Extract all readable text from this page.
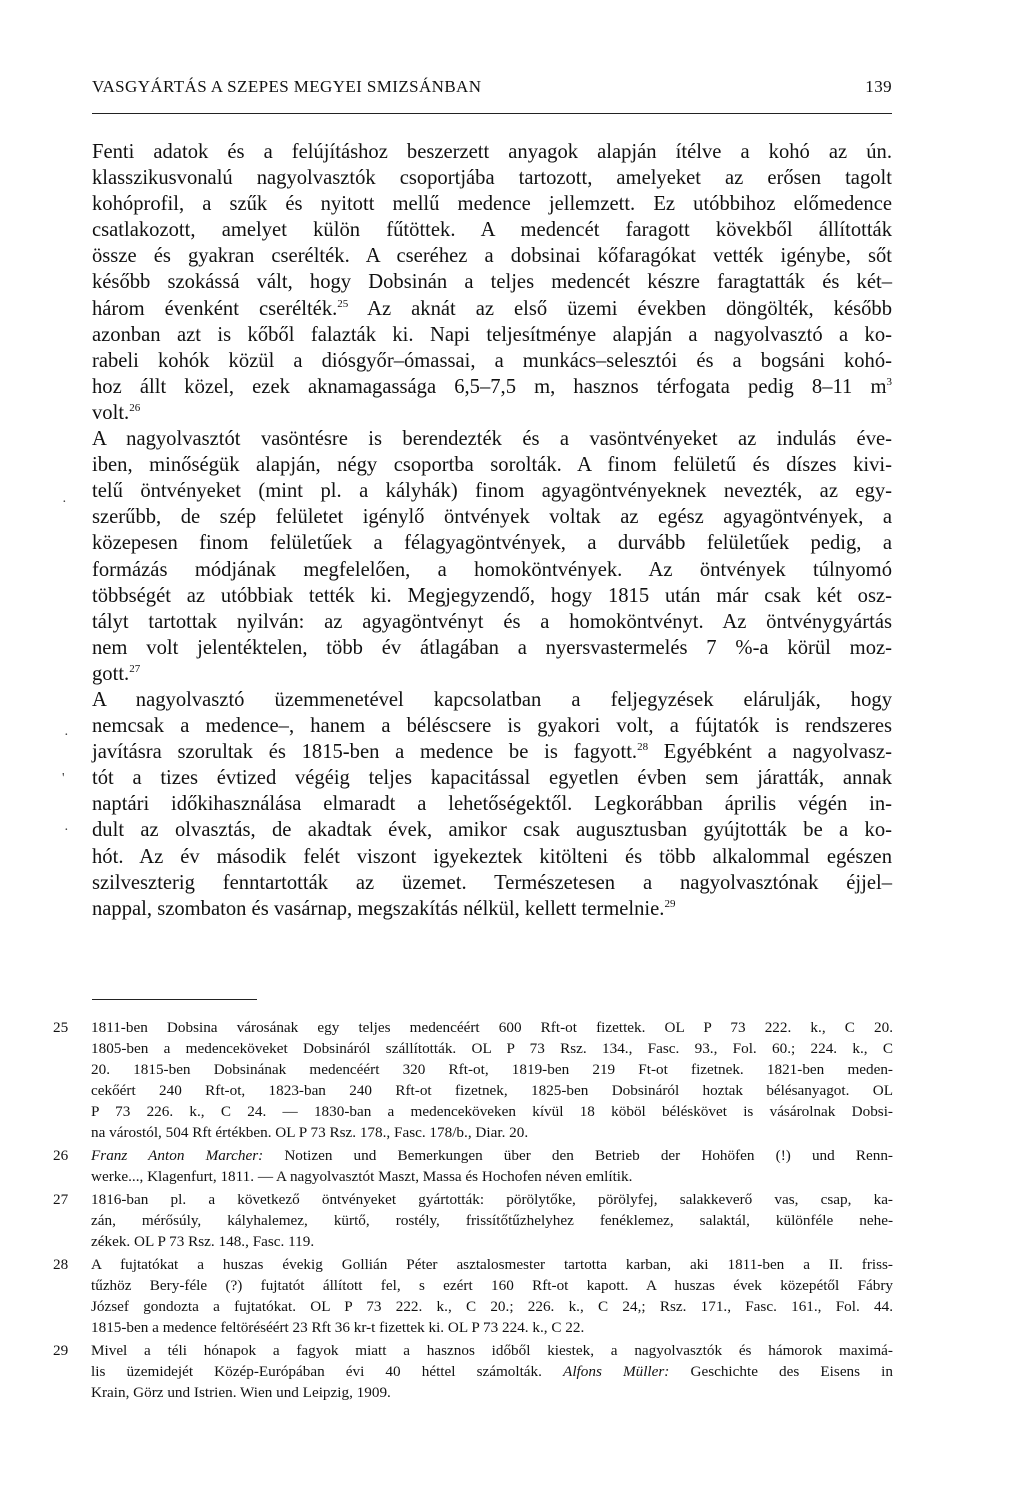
VASGYÁRTÁS A SZEPES MEGYEI SMIZSÁNBAN	139
Fenti adatok és a felújításhoz beszerzett anyagok alapján ítélve a kohó az ún.
klasszikusvonalú nagyolvasztók csoportjába tartozott, amelyeket az erősen tagolt
kohóprofil, a szűk és nyitott mellű medence jellemzett. Ez utóbbihoz előmedence
csatlakozott, amelyet külön fűtöttek. A medencét faragott kövekből állították
össze és gyakran cserélték. A cseréhez a dobsinai kőfaragókat vették igénybe, sőt
később szokássá vált, hogy Dobsinán a teljes medencét készre faragtatták és két–
három évenként cserélték.$^{25}$ Az aknát az első üzemi években döngölték, később
azonban azt is kőből falazták ki. Napi teljesítménye alapján a nagyolvasztó a ko-
rabeli kohók közül a diósgyőr–ómassai, a munkács–selesztói és a bogsáni kohó-
hoz állt közel, ezek aknamagassága 6,5–7,5 m, hasznos térfogata pedig 8–11 $m^3$
volt.$^{26}$
A nagyolvasztót vasöntésre is berendezték és a vasöntvényeket az indulás éve-
iben, minőségük alapján, négy csoportba sorolták. A finom felületű és díszes kivi-
telű öntvényeket (mint pl. a kályhák) finom agyagöntvényeknek nevezték, az egy-
szerűbb, de szép felületet igénylő öntvények voltak az egész agyagöntvények, a
közepesen finom felületűek a félagyagöntvények, a durvább felületűek pedig, a
formázás módjának megfelelően, a homoköntvények. Az öntvények túlnyomó
többségét az utóbbiak tették ki. Megjegyzendő, hogy 1815 után már csak két osz-
tályt tartottak nyilván: az agyagöntvényt és a homoköntvényt. Az öntvénygyártás
nem volt jelentéktelen, több év átlagában a nyersvastermelés 7 %-a körül moz-
gott.$^{27}$
A nagyolvasztó üzemmenetével kapcsolatban a feljegyzések elárulják, hogy
nemcsak a medence–, hanem a béléscsere is gyakori volt, a fújtatók is rendszeres
javításra szorultak és 1815-ben a medence be is fagyott.$^{28}$ Egyébként a nagyolvasz-
tót a tizes évtized végéig teljes kapacitással egyetlen évben sem járatták, annak
naptári időkihasználása elmaradt a lehetőségektől. Legkorábban április végén in-
dult az olvasztás, de akadtak évek, amikor csak augusztusban gyújtották be a ko-
hót. Az év második felét viszont igyekeztek kitölteni és több alkalommal egészen
szilveszterig fenntartották az üzemet. Természetesen a nagyolvasztónak éjjel–
nappal, szombaton és vasárnap, megszakítás nélkül, kellett termelnie.$^{29}$
·
·
'
·
25	1811-ben Dobsina városának egy teljes medencéért 600 Rft-ot fizettek. OL P 73 222. k., C 20.
1805-ben a medenceköveket Dobsináról szállították. OL P 73 Rsz. 134., Fasc. 93., Fol. 60.; 224. k., C
20. 1815-ben Dobsinának medencéért 320 Rft-ot, 1819-ben 219 Ft-ot fizetnek. 1821-ben meden-
cekőért 240 Rft-ot, 1823-ban 240 Rft-ot fizetnek, 1825-ben Dobsináról hoztak bélésanyagot. OL
P 73 226. k., C 24. — 1830-ban a medenceköveken kívül 18 köböl béléskövet is vásárolnak Dobsi-
na várostól, 504 Rft értékben. OL P 73 Rsz. 178., Fasc. 178/b., Diar. 20.
26	Franz Anton Marcher: Notizen und Bemerkungen über den Betrieb der Hohöfen (!) und Renn-
werke..., Klagenfurt, 1811. — A nagyolvasztót Maszt, Massa és Hochofen néven említik.
27	1816-ban pl. a következő öntvényeket gyártották: pörölytőke, pörölyfej, salakkeverő vas, csap, ka-
zán, mérősúly, kályhalemez, kürtő, rostély, frissítőtűzhelyhez fenéklemez, salaktál, különféle nehe-
zékek. OL P 73 Rsz. 148., Fasc. 119.
28	A fujtatókat a huszas évekig Gollián Péter asztalosmester tartotta karban, aki 1811-ben a II. friss-
tűzhöz Bery-féle (?) fujtatót állított fel, s ezért 160 Rft-ot kapott. A huszas évek közepétől Fábry
József gondozta a fujtatókat. OL P 73 222. k., C 20.; 226. k., C 24,; Rsz. 171., Fasc. 161., Fol. 44.
1815-ben a medence feltöréséért 23 Rft 36 kr-t fizettek ki. OL P 73 224. k., C 22.
29	Mivel a téli hónapok a fagyok miatt a hasznos időből kiestek, a nagyolvasztók és hámorok maximá-
lis üzemidejét Közép-Európában évi 40 héttel számolták. Alfons Müller: Geschichte des Eisens in
Krain, Görz und Istrien. Wien und Leipzig, 1909.
